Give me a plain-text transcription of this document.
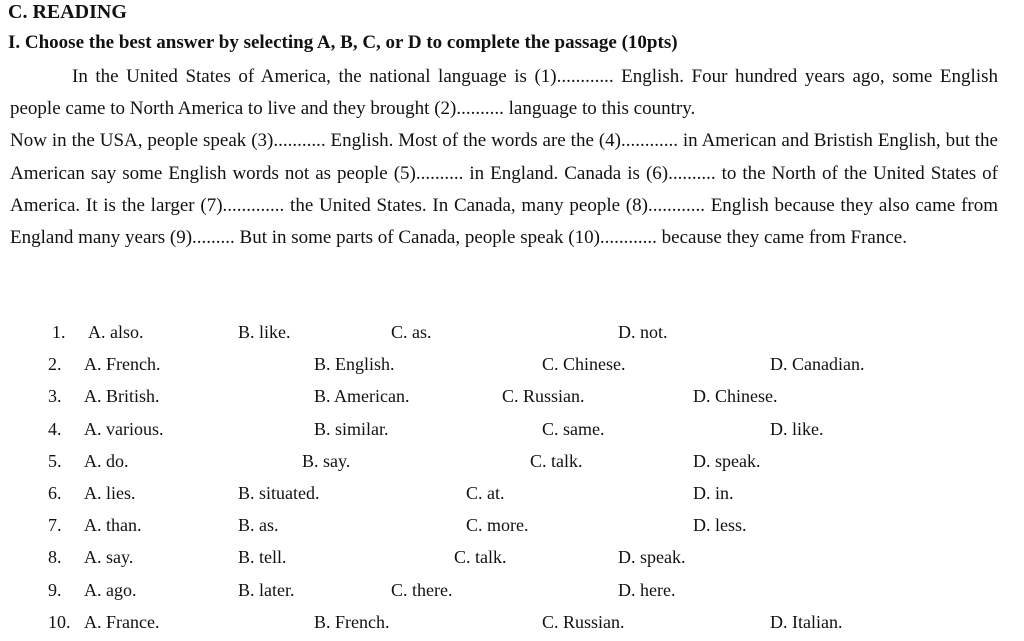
C. READING
I. Choose the best answer by selecting A, B, C, or D to complete the passage (10pts)

In the United States of America, the national language is (1)............ English. Four hundred years ago, some English people came to North America to live and they brought (2).......... language to this country.

Now in the USA, people speak (3)........... English. Most of the words are the (4)............ in American and Bristish English, but the American say some English words not as people (5).......... in England. Canada is (6).......... to the North of the United States of America. It is the larger (7)............. the United States. In Canada, many people (8)............ English because they also came from England many years (9)......... But in some parts of Canada, people speak (10)............ because they came from France.

1. A. also.	B. like.	C. as.	D. not.
2. A. French.	B. English.	C. Chinese.	D. Canadian.
3. A. British.	B. American.	C. Russian.	D. Chinese.
4. A. various.	B. similar.	C. same.	D. like.
5. A. do.	B. say.	C. talk.	D. speak.
6. A. lies.	B. situated.	C. at.	D. in.
7. A. than.	B. as.	C. more.	D. less.
8. A. say.	B. tell.	C. talk.	D. speak.
9. A. ago.	B. later.	C. there.	D. here.
10. A. France.	B. French.	C. Russian.	D. Italian.
